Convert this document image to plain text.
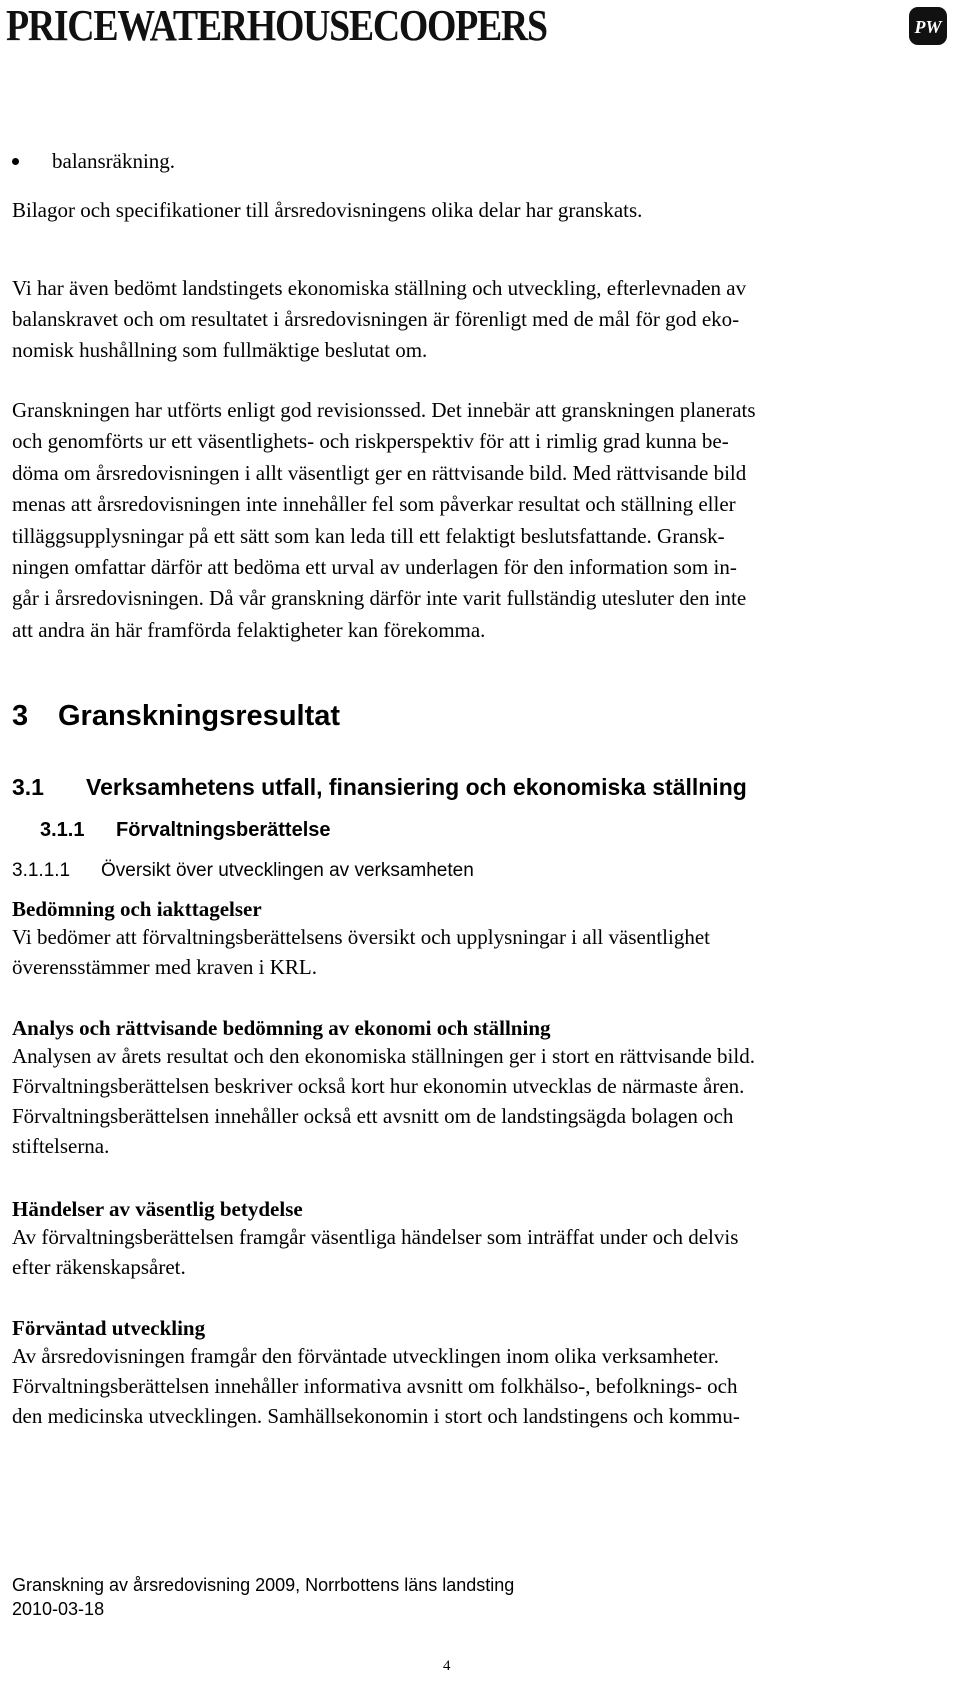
PRICEWATERHOUSECOOPERS	PW
balansräkning.

Bilagor och specifikationer till årsredovisningens olika delar har granskats.

Vi har även bedömt landstingets ekonomiska ställning och utveckling, efterlevnaden av

balanskravet och om resultatet i årsredovisningen är förenligt med de mål för god eko-

nomisk hushållning som fullmäktige beslutat om.

Granskningen har utförts enligt god revisionssed. Det innebär att granskningen planerats

och genomförts ur ett väsentlighets- och riskperspektiv för att i rimlig grad kunna be-

döma om årsredovisningen i allt väsentligt ger en rättvisande bild. Med rättvisande bild

menas att årsredovisningen inte innehåller fel som påverkar resultat och ställning eller

tilläggsupplysningar på ett sätt som kan leda till ett felaktigt beslutsfattande. Gransk-

ningen omfattar därför att bedöma ett urval av underlagen för den information som in-

går i årsredovisningen. Då vår granskning därför inte varit fullständig utesluter den inte

att andra än här framförda felaktigheter kan förekomma.

3 Granskningsresultat
3.1 Verksamhetens utfall, finansiering och ekonomiska ställning
3.1.1 Förvaltningsberättelse
3.1.1.1 Översikt över utvecklingen av verksamheten
Bedömning och iakttagelser

Vi bedömer att förvaltningsberättelsens översikt och upplysningar i all väsentlighet

överensstämmer med kraven i KRL.

Analys och rättvisande bedömning av ekonomi och ställning

Analysen av årets resultat och den ekonomiska ställningen ger i stort en rättvisande bild.

Förvaltningsberättelsen beskriver också kort hur ekonomin utvecklas de närmaste åren.

Förvaltningsberättelsen innehåller också ett avsnitt om de landstingsägda bolagen och

stiftelserna.

Händelser av väsentlig betydelse

Av förvaltningsberättelsen framgår väsentliga händelser som inträffat under och delvis

efter räkenskapsåret.

Förväntad utveckling

Av årsredovisningen framgår den förväntade utvecklingen inom olika verksamheter.

Förvaltningsberättelsen innehåller informativa avsnitt om folkhälso-, befolknings- och

den medicinska utvecklingen. Samhällsekonomin i stort och landstingens och kommu-

Granskning av årsredovisning 2009, Norrbottens läns landsting
2010-03-18
4
